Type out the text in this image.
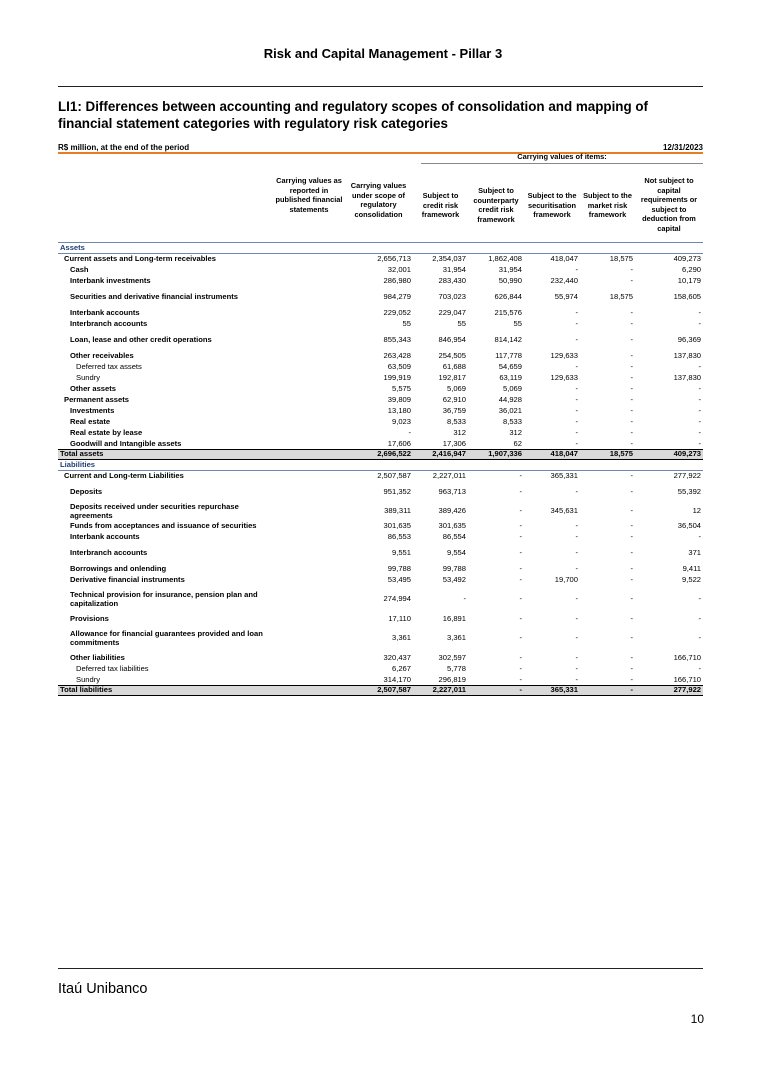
Risk and Capital Management - Pillar 3
LI1: Differences between accounting and regulatory scopes of consolidation and mapping of financial statement categories with regulatory risk categories
R$ million, at the end of the period	12/31/2023
Carrying values of items:
Carrying values as reported in published financial statements
Carrying values under scope of regulatory consolidation
Subject to credit risk framework
Subject to counterparty credit risk framework
Subject to the securitisation framework
Subject to the market risk framework
Not subject to capital requirements or subject to deduction from capital
Assets								
Current assets and Long-term receivables		2,656,713	2,354,037	1,862,408	418,047	18,575	409,273	
Cash		32,001	31,954	31,954	-	-	6,290	
Interbank investments		286,980	283,430	50,990	232,440	-	10,179	

Securities and derivative financial instruments		984,279	703,023	626,844	55,974	18,575	158,605	

Interbank accounts		229,052	229,047	215,576	-	-	-	
Interbranch accounts		55	55	55	-	-	-	

Loan, lease and other credit operations		855,343	846,954	814,142	-	-	96,369	

Other receivables		263,428	254,505	117,778	129,633	-	137,830	
Deferred tax assets		63,509	61,688	54,659	-	-	-	
Sundry		199,919	192,817	63,119	129,633	-	137,830	
Other assets		5,575	5,069	5,069	-	-	-	
Permanent assets		39,809	62,910	44,928	-	-	-	
Investments		13,180	36,759	36,021	-	-	-	
Real estate		9,023	8,533	8,533	-	-	-	
Real estate by lease		-	312	312	-	-	-	
Goodwill and Intangible assets		17,606	17,306	62	-	-	-	
Total assets		2,696,522	2,416,947	1,907,336	418,047	18,575	409,273	
Liabilities								
Current and Long-term Liabilities		2,507,587	2,227,011	-	365,331	-	277,922	

Deposits		951,352	963,713	-	-	-	55,392	

Deposits received under securities repurchase agreements		389,311	389,426	-	345,631	-	12	
Funds from acceptances and issuance of securities		301,635	301,635	-	-	-	36,504	
Interbank accounts		86,553	86,554	-	-	-	-	

Interbranch accounts		9,551	9,554	-	-	-	371	

Borrowings and onlending		99,788	99,788	-	-	-	9,411	
Derivative financial instruments		53,495	53,492	-	19,700	-	9,522	

Technical provision for insurance, pension plan and capitalization		274,994	-	-	-	-	-	

Provisions		17,110	16,891	-	-	-	-	

Allowance for financial guarantees provided and loan commitments		3,361	3,361	-	-	-	-	

Other liabilities		320,437	302,597	-	-	-	166,710	
Deferred tax liabilities		6,267	5,778	-	-	-	-	
Sundry		314,170	296,819	-	-	-	166,710	
Total liabilities		2,507,587	2,227,011	-	365,331	-	277,922	
Itaú Unibanco
10
